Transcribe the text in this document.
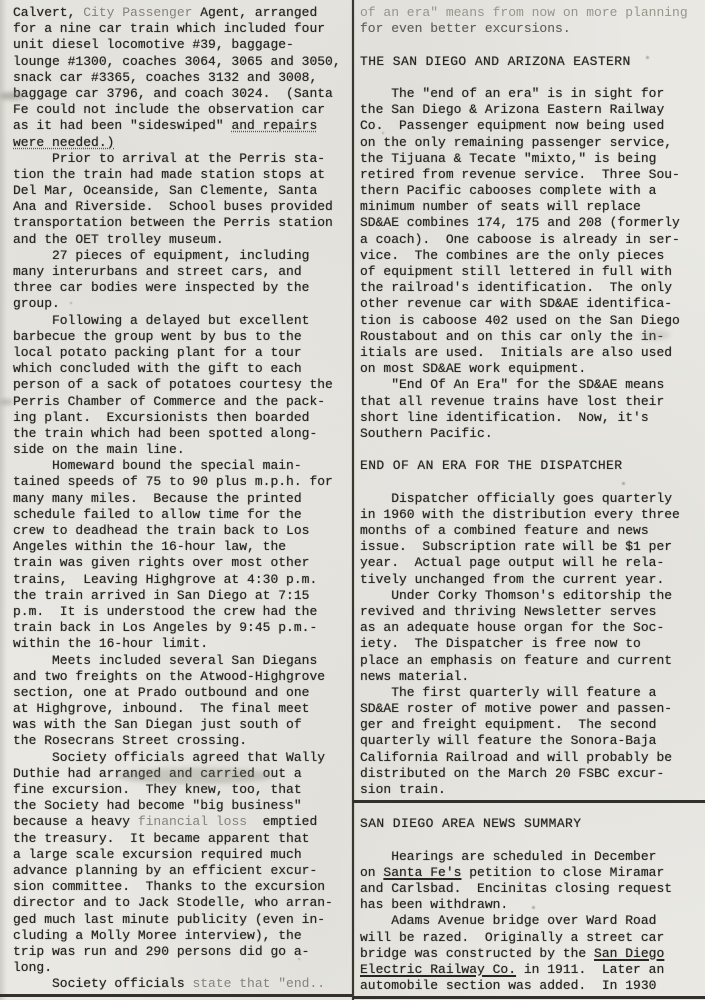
Calvert, City Passenger Agent, arranged
for a nine car train which included four
unit diesel locomotive #39, baggage-
lounge #1300, coaches 3064, 3065 and 3050,
snack car #3365, coaches 3132 and 3008,
baggage car 3796, and coach 3024.  (Santa
Fe could not include the observation car
as it had been "sideswiped" and repairs
were needed.)
Prior to arrival at the Perris sta-
tion the train had made station stops at
Del Mar, Oceanside, San Clemente, Santa
Ana and Riverside.  School buses provided
transportation between the Perris station
and the OET trolley museum.
27 pieces of equipment, including
many interurbans and street cars, and
three car bodies were inspected by the
group.
Following a delayed but excellent
barbecue the group went by bus to the
local potato packing plant for a tour
which concluded with the gift to each
person of a sack of potatoes courtesy the
Perris Chamber of Commerce and the pack-
ing plant.  Excursionists then boarded
the train which had been spotted along-
side on the main line.
Homeward bound the special main-
tained speeds of 75 to 90 plus m.p.h. for
many many miles.  Because the printed
schedule failed to allow time for the
crew to deadhead the train back to Los
Angeles within the 16-hour law, the
train was given rights over most other
trains,  Leaving Highgrove at 4:30 p.m.
the train arrived in San Diego at 7:15
p.m.  It is understood the crew had the
train back in Los Angeles by 9:45 p.m.-
within the 16-hour limit.
Meets included several San Diegans
and two freights on the Atwood-Highgrove
section, one at Prado outbound and one
at Highgrove, inbound.  The final meet
was with the San Diegan just south of
the Rosecrans Street crossing.
Society officials agreed that Wally
Duthie had arranged and carried out a
fine excursion.  They knew, too, that
the Society had become "big business"
because a heavy financial loss  emptied
the treasury.  It became apparent that
a large scale excursion required much
advance planning by an efficient excur-
sion committee.  Thanks to the excursion
director and to Jack Stodelle, who arran-
ged much last minute publicity (even in-
cluding a Molly Moree interview), the
trip was run and 290 persons did go a-
long.
Society officials state that "end..
of an era" means from now on more planning
for even better excursions.
THE SAN DIEGO AND ARIZONA EASTERN
The "end of an era" is in sight for
the San Diego & Arizona Eastern Railway
Co.  Passenger equipment now being used
on the only remaining passenger service,
the Tijuana & Tecate "mixto," is being
retired from revenue service.  Three Sou-
thern Pacific cabooses complete with a
minimum number of seats will replace
SD&AE combines 174, 175 and 208 (formerly
a coach).  One caboose is already in ser-
vice.  The combines are the only pieces
of equipment still lettered in full with
the railroad's identification.  The only
other revenue car with SD&AE identifica-
tion is caboose 402 used on the San Diego
Roustabout and on this car only the in-
itials are used.  Initials are also used
on most SD&AE work equipment.
"End Of An Era" for the SD&AE means
that all revenue trains have lost their
short line identification.  Now, it's
Southern Pacific.
END OF AN ERA FOR THE DISPATCHER
Dispatcher officially goes quarterly
in 1960 with the distribution every three
months of a combined feature and news
issue.  Subscription rate will be $1 per
year.  Actual page output will he rela-
tively unchanged from the current year.
Under Corky Thomson's editorship the
revived and thriving Newsletter serves
as an adequate house organ for the Soc-
iety.  The Dispatcher is free now to
place an emphasis on feature and current
news material.
The first quarterly will feature a
SD&AE roster of motive power and passen-
ger and freight equipment.  The second
quarterly will feature the Sonora-Baja
California Railroad and will probably be
distributed on the March 20 FSBC excur-
sion train.
SAN DIEGO AREA NEWS SUMMARY
Hearings are scheduled in December
on Santa Fe's petition to close Miramar
and Carlsbad.  Encinitas closing request
has been withdrawn.
Adams Avenue bridge over Ward Road
will be razed.  Originally a street car
bridge was constructed by the San Diego
Electric Railway Co. in 1911.  Later an
automobile section was added.  In 1930
